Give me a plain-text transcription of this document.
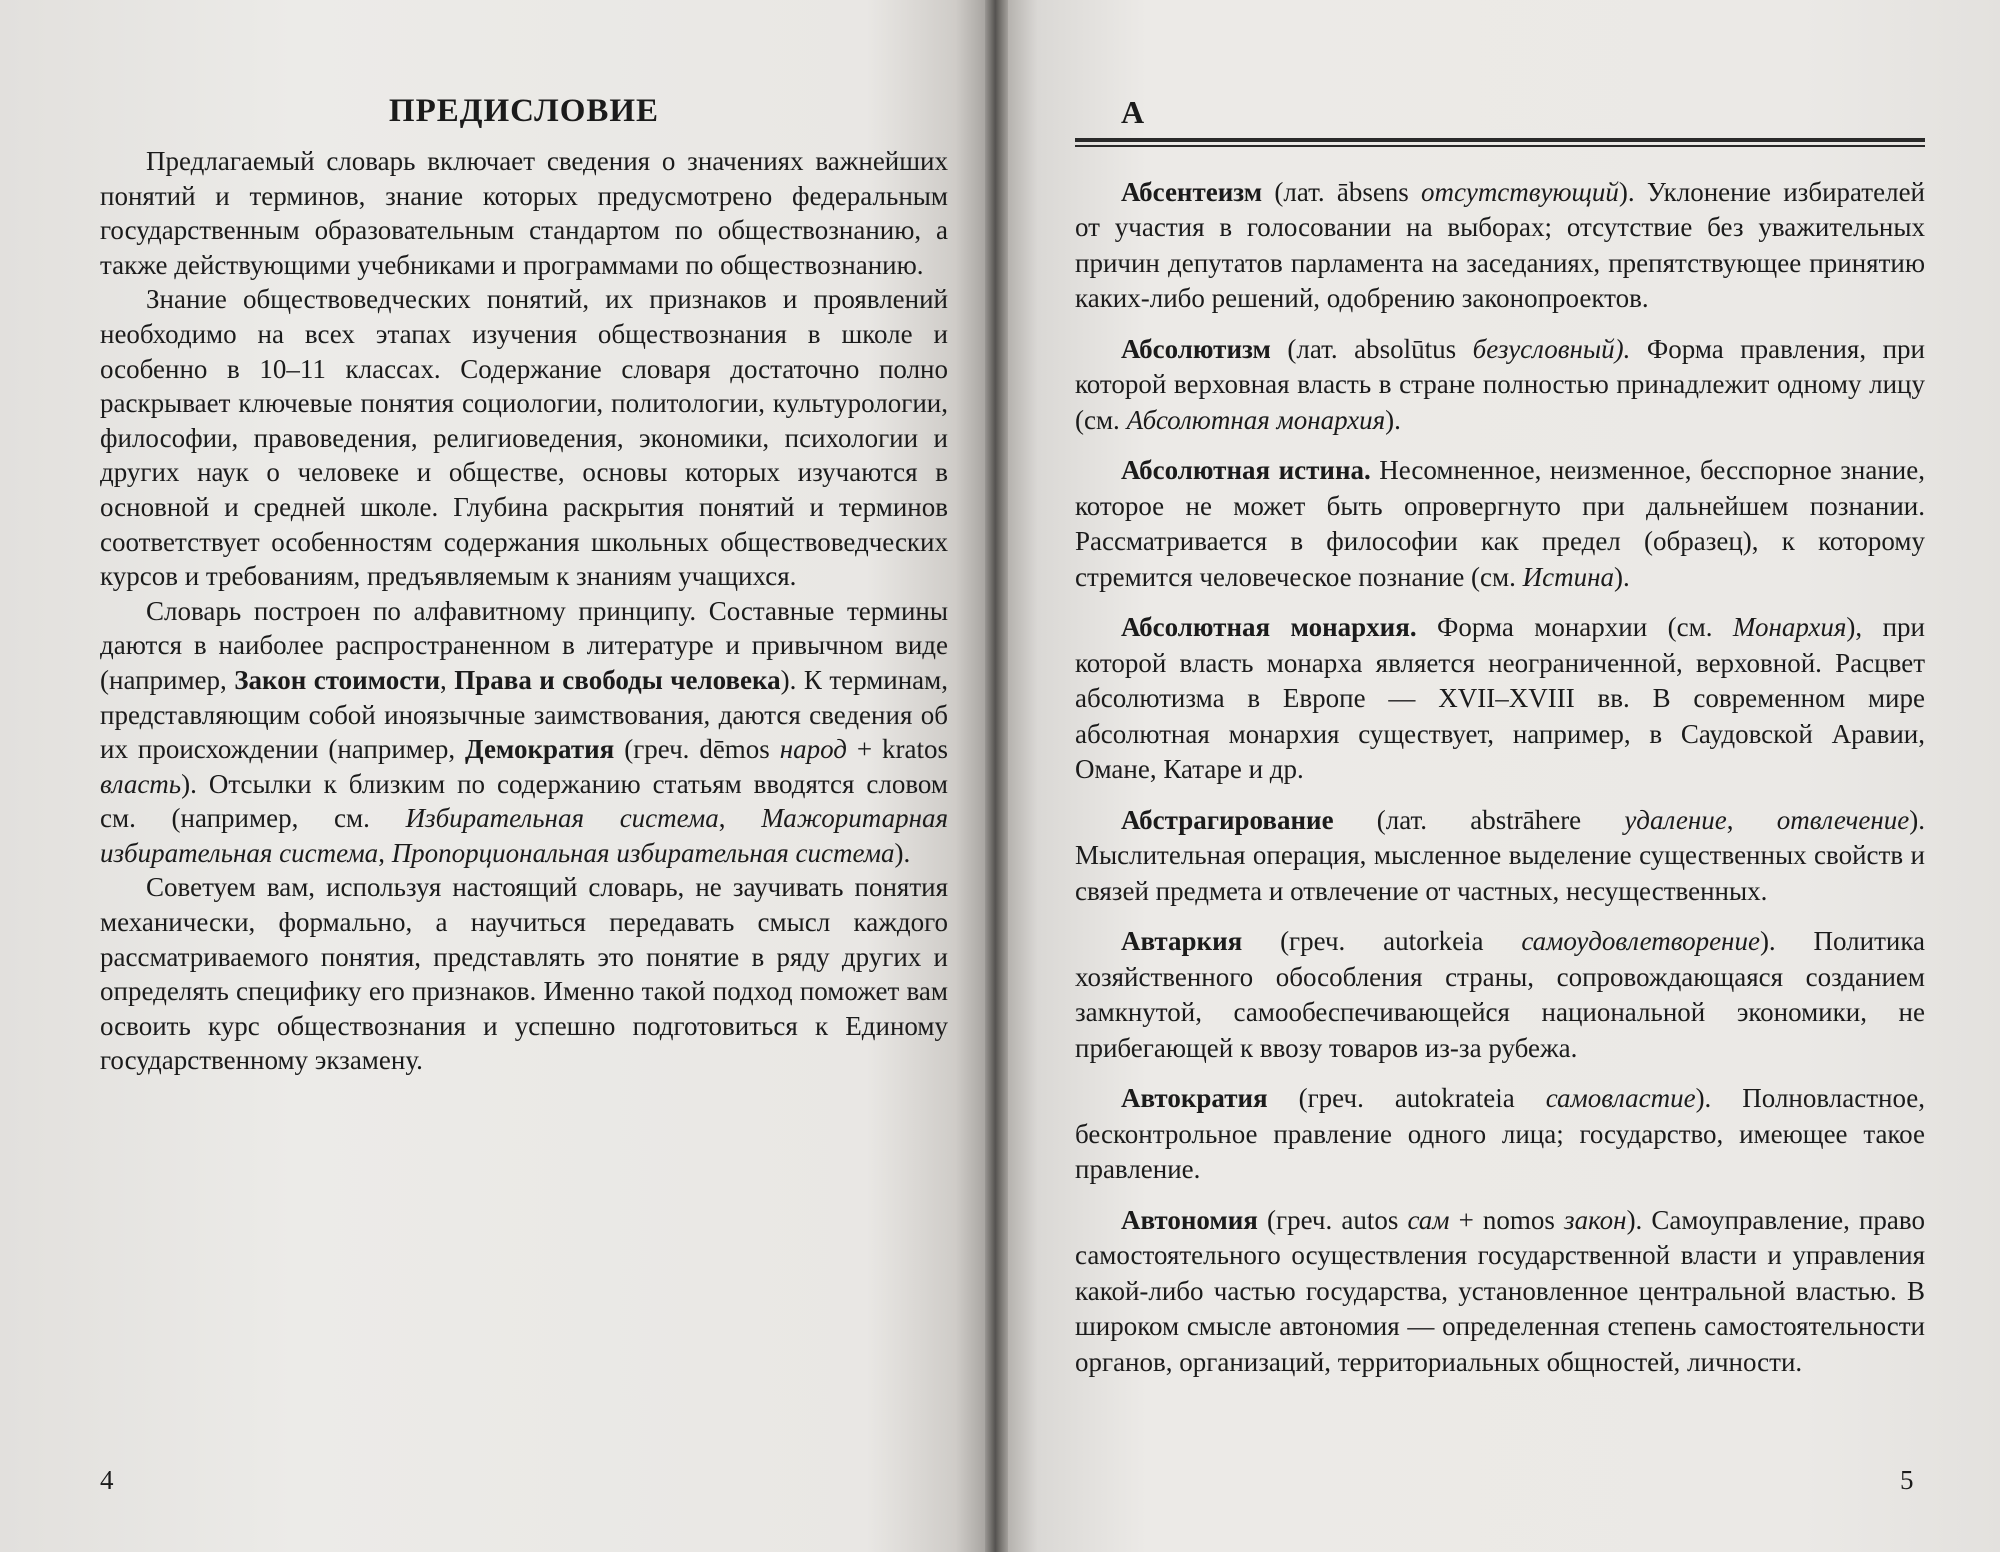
ПРЕДИСЛОВИЕ

Предлагаемый словарь включает сведения о значениях важнейших понятий и терминов, знание которых предусмотрено федеральным государственным образовательным стандартом по обществознанию, а также действующими учебниками и программами по обществознанию.

Знание обществоведческих понятий, их признаков и проявлений необходимо на всех этапах изучения обществознания в школе и особенно в 10–11 классах. Содержание словаря достаточно полно раскрывает ключевые понятия социологии, политологии, культурологии, философии, правоведения, религиоведения, экономики, психологии и других наук о человеке и обществе, основы которых изучаются в основной и средней школе. Глубина раскрытия понятий и терминов соответствует особенностям содержания школьных обществоведческих курсов и требованиям, предъявляемым к знаниям учащихся.

Словарь построен по алфавитному принципу. Составные термины даются в наиболее распространенном в литературе и привычном виде (например, Закон стоимости, Права и свободы человека). К терминам, представляющим собой иноязычные заимствования, даются сведения об их происхождении (например, Демократия (греч. dēmos народ + kratos власть). Отсылки к близким по содержанию статьям вводятся словом см. (например, см. Избирательная система, Мажоритарная избирательная система, Пропорциональная избирательная система).

Советуем вам, используя настоящий словарь, не заучивать понятия механически, формально, а научиться передавать смысл каждого рассматриваемого понятия, представлять это понятие в ряду других и определять специфику его признаков. Именно такой подход поможет вам освоить курс обществознания и успешно подготовиться к Единому государственному экзамену.

4
А

Абсентеизм (лат. ābsens отсутствующий). Уклонение избирателей от участия в голосовании на выборах; отсутствие без уважительных причин депутатов парламента на заседаниях, препятствующее принятию каких-либо решений, одобрению законопроектов.

Абсолютизм (лат. absolūtus безусловный). Форма правления, при которой верховная власть в стране полностью принадлежит одному лицу (см. Абсолютная монархия).

Абсолютная истина. Несомненное, неизменное, бесспорное знание, которое не может быть опровергнуто при дальнейшем познании. Рассматривается в философии как предел (образец), к которому стремится человеческое познание (см. Истина).

Абсолютная монархия. Форма монархии (см. Монархия), при которой власть монарха является неограниченной, верховной. Расцвет абсолютизма в Европе — XVII–XVIII вв. В современном мире абсолютная монархия существует, например, в Саудовской Аравии, Омане, Катаре и др.

Абстрагирование (лат. abstrāhere удаление, отвлечение). Мыслительная операция, мысленное выделение существенных свойств и связей предмета и отвлечение от частных, несущественных.

Автаркия (греч. autorkeia самоудовлетворение). Политика хозяйственного обособления страны, сопровождающаяся созданием замкнутой, самообеспечивающейся национальной экономики, не прибегающей к ввозу товаров из-за рубежа.

Автократия (греч. autokrateia самовластие). Полновластное, бесконтрольное правление одного лица; государство, имеющее такое правление.

Автономия (греч. autos сам + nomos закон). Самоуправление, право самостоятельного осуществления государственной власти и управления какой-либо частью государства, установленное центральной властью. В широком смысле автономия — определенная степень самостоятельности органов, организаций, территориальных общностей, личности.

5
